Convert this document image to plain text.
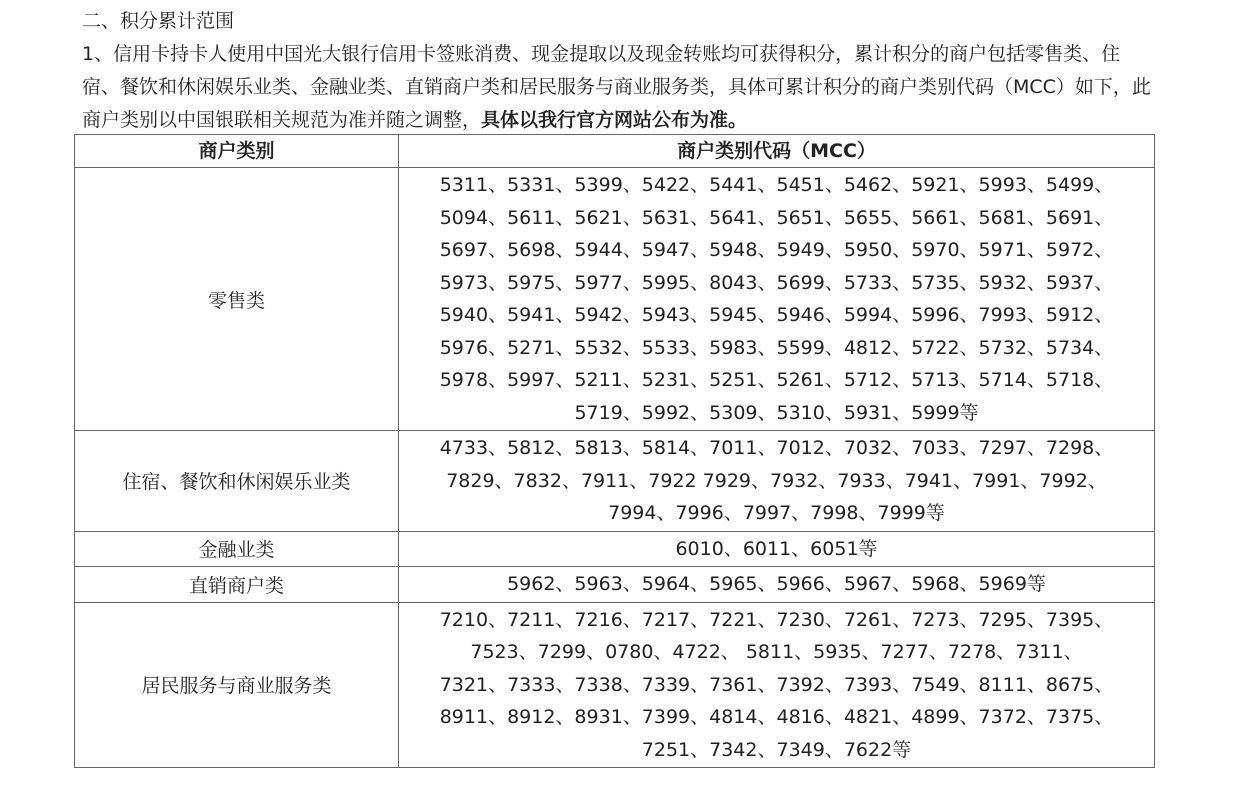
二、积分累计范围
1、信用卡持卡人使用中国光大银行信用卡签账消费、现金提取以及现金转账均可获得积分，累计积分的商户包括零售类、住宿、餐饮和休闲娱乐业类、金融业类、直销商户类和居民服务与商业服务类，具体可累计积分的商户类别代码（MCC）如下，此商户类别以中国银联相关规范为准并随之调整，具体以我行官方网站公布为准。
商户类别	商户类别代码（MCC）
零售类	5311、5331、5399、5422、5441、5451、5462、5921、5993、5499、5094、5611、5621、5631、5641、5651、5655、5661、5681、5691、5697、5698、5944、5947、5948、5949、5950、5970、5971、5972、5973、5975、5977、5995、8043、5699、5733、5735、5932、5937、5940、5941、5942、5943、5945、5946、5994、5996、7993、5912、5976、5271、5532、5533、5983、5599、4812、5722、5732、5734、5978、5997、5211、5231、5251、5261、5712、5713、5714、5718、5719、5992、5309、5310、5931、5999等
住宿、餐饮和休闲娱乐业类	4733、5812、5813、5814、7011、7012、7032、7033、7297、7298、7829、7832、7911、7922 7929、7932、7933、7941、7991、7992、7994、7996、7997、7998、7999等
金融业类	6010、6011、6051等
直销商户类	5962、5963、5964、5965、5966、5967、5968、5969等
居民服务与商业服务类	7210、7211、7216、7217、7221、7230、7261、7273、7295、7395、7523、7299、0780、4722、 5811、5935、7277、7278、7311、7321、7333、7338、7339、7361、7392、7393、7549、8111、8675、8911、8912、8931、7399、4814、4816、4821、4899、7372、7375、7251、7342、7349、7622等
